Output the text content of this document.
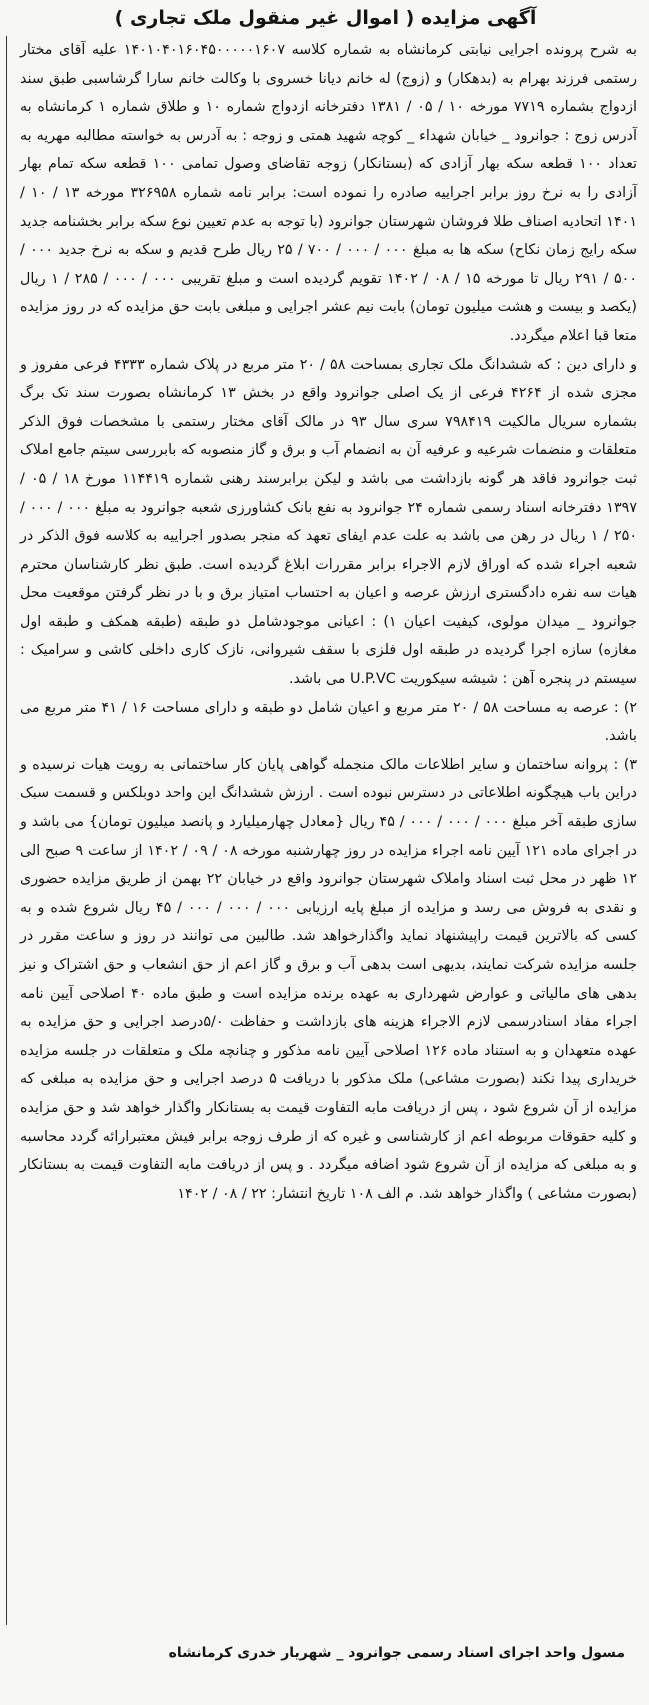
آگهی مزایده ( اموال غیر منقول ملک تجاری )

به شرح پرونده اجرایی نیابتی کرمانشاه به شماره کلاسه ۱۴۰۱۰۴۰۱۶۰۴۵۰۰۰۰۰۱۶۰۷ علیه آقای مختار رستمی فرزند بهرام به (بدهکار) و (زوج) له خانم دیانا خسروی با وکالت خانم سارا گرشاسبی طبق سند ازدواج بشماره ۷۷۱۹ مورخه ۱۰ / ۰۵ / ۱۳۸۱ دفترخانه ازدواج شماره ۱۰ و طلاق شماره ۱ کرمانشاه به آدرس زوج : جوانرود _ خیابان شهداء _ کوچه شهید همتی و زوجه : به آدرس به خواسته مطالبه مهریه به تعداد ۱۰۰ قطعه سکه بهار آزادی که (بستانکار) زوجه تقاضای وصول تمامی ۱۰۰ قطعه سکه تمام بهار آزادی را به نرخ روز برابر اجراییه صادره را نموده است: برابر نامه شماره ۳۲۶۹۵۸ مورخه ۱۳ / ۱۰ / ۱۴۰۱ اتحادیه اصناف طلا فروشان شهرستان جوانرود (با توجه به عدم تعیین نوع سکه برابر بخشنامه جدید سکه رایج زمان نکاح) سکه ها به مبلغ ۰۰۰ / ۰۰۰ / ۷۰۰ / ۲۵ ریال طرح قدیم و سکه به نرخ جدید ۰۰۰ / ۵۰۰ / ۲۹۱ ریال تا مورخه ۱۵ / ۰۸ / ۱۴۰۲ تقویم گردیده است و مبلغ تقریبی ۰۰۰ / ۰۰۰ / ۲۸۵ / ۱ ریال (یکصد و بیست و هشت میلیون تومان) بابت نیم عشر اجرایی و مبلغی بابت حق مزایده که در روز مزایده متعا قبا اعلام میگردد.

و دارای دین : که ششدانگ ملک تجاری بمساحت ۵۸ / ۲۰ متر مربع در پلاک شماره ۴۳۳۳ فرعی مفروز و مجزی شده از ۴۲۶۴ فرعی از یک اصلی جوانرود واقع در بخش ۱۳ کرمانشاه بصورت سند تک برگ بشماره سریال مالکیت ۷۹۸۴۱۹ سری سال ۹۳ در مالک آقای مختار رستمی با مشخصات فوق الذکر متعلقات و منضمات شرعیه و عرفیه آن به انضمام آب و برق و گاز منصوبه که بابررسی سیتم جامع املاک ثبت جوانرود فاقد هر گونه بازداشت می باشد و لیکن برابرسند رهنی شماره ۱۱۴۴۱۹ مورخ ۱۸ / ۰۵ / ۱۳۹۷ دفترخانه اسناد رسمی شماره ۲۴ جوانرود به نفع بانک کشاورزی شعبه جوانرود به مبلغ ۰۰۰ / ۰۰۰ / ۲۵۰ / ۱ ریال در رهن می باشد به علت عدم ایفای تعهد که منجر بصدور اجراییه به کلاسه فوق الذکر در شعبه اجراء شده که اوراق لازم الاجراء برابر مقررات ابلاغ گردیده است. طبق نظر کارشناسان محترم هیات سه نفره دادگستری ارزش عرصه و اعیان به احتساب امتیاز برق و با در نظر گرفتن موقعیت محل جوانرود _ میدان مولوی، کیفیت اعیان ۱) : اعیانی موجودشامل دو طبقه (طبقه همکف و طبقه اول مغازه) سازه اجرا گردیده در طبقه اول فلزی با سقف شیروانی، نازک کاری داخلی کاشی و سرامیک : سیستم در پنجره آهن : شیشه سیکوریت U.P.VC می باشد.

۲) : عرصه به مساحت ۵۸ / ۲۰ متر مربع و اعیان شامل دو طبقه و دارای مساحت ۱۶ / ۴۱ متر مربع می باشد.

۳) : پروانه ساختمان و سایر اطلاعات مالک منجمله گواهی پایان کار ساختمانی به رویت هیات نرسیده و دراین باب هیچگونه اطلاعاتی در دسترس نبوده است . ارزش ششدانگ این واحد دوبلکس و قسمت سبک سازی طبقه آخر مبلغ ۰۰۰ / ۰۰۰ / ۰۰۰ / ۴۵ ریال {معادل چهارمیلیارد و پانصد میلیون تومان} می باشد و در اجرای ماده ۱۲۱ آیین نامه اجراء مزایده در روز چهارشنبه مورخه ۰۸ / ۰۹ / ۱۴۰۲ از ساعت ۹ صبح الی ۱۲ ظهر در محل ثبت اسناد واملاک شهرستان جوانرود واقع در خیابان ۲۲ بهمن از طریق مزایده حضوری و نقدی به فروش می رسد و مزایده از مبلغ پایه ارزیابی ۰۰۰ / ۰۰۰ / ۰۰۰ / ۴۵ ریال شروع شده و به کسی که بالاترین قیمت راپیشنهاد نماید واگذارخواهد شد. طالبین می توانند در روز و ساعت مقرر در جلسه مزایده شرکت نمایند، بدیهی است بدهی آب و برق و گاز اعم از حق انشعاب و حق اشتراک و نیز بدهی های مالیاتی و عوارض شهرداری به عهده برنده مزایده است و طبق ماده ۴۰ اصلاحی آیین نامه اجراء مفاد اسنادرسمی لازم الاجراء هزینه های بازداشت و حفاظت ۵/۰درصد اجرایی و حق مزایده به عهده متعهدان و به استناد ماده ۱۲۶ اصلاحی آیین نامه مذکور و چنانچه ملک و متعلقات در جلسه مزایده خریداری پیدا نکند (بصورت مشاعی) ملک مذکور با دریافت ۵ درصد اجرایی و حق مزایده به مبلغی که مزایده از آن شروع شود ، پس از دریافت مابه التفاوت قیمت به بستانکار واگذار خواهد شد و حق مزایده و کلیه حقوقات مربوطه اعم از کارشناسی و غیره که از طرف زوجه برابر فیش معتبرارائه گردد محاسبه و به مبلغی که مزایده از آن شروع شود اضافه میگردد . و پس از دریافت مابه التفاوت قیمت به بستانکار (بصورت مشاعی ) واگذار خواهد شد. م الف ۱۰۸ تاریخ انتشار: ۲۲ / ۰۸ / ۱۴۰۲

مسول واحد اجرای اسناد رسمی جوانرود _ شهریار خدری کرمانشاه
